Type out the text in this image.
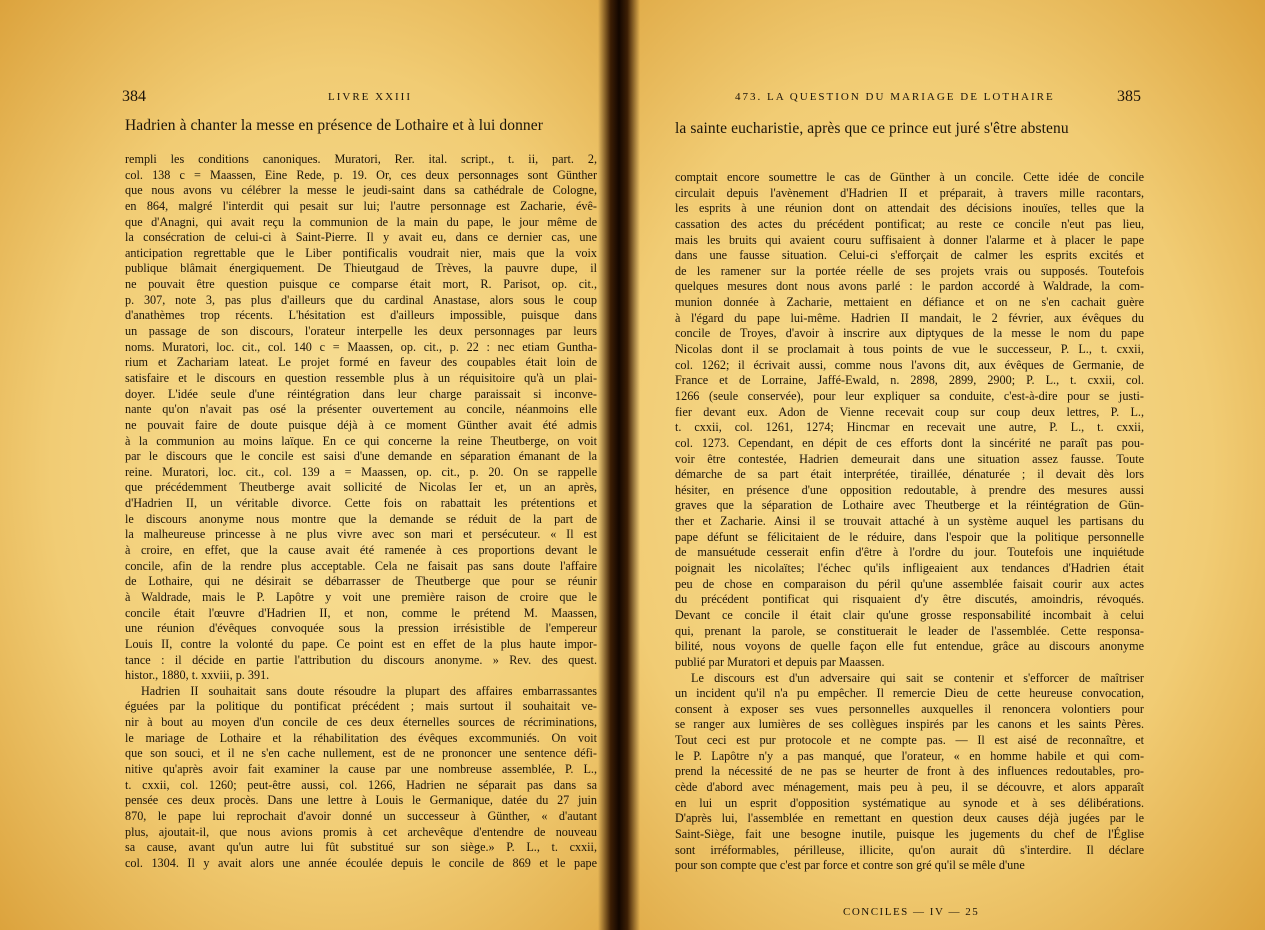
384	LIVRE XXIII
Hadrien à chanter la messe en présence de Lothaire et à lui donner
rempli les conditions canoniques. Muratori, Rer. ital. script., t. ii, part. 2,
col. 138 c = Maassen, Eine Rede, p. 19. Or, ces deux personnages sont Günther
que nous avons vu célébrer la messe le jeudi-saint dans sa cathédrale de Cologne,
en 864, malgré l'interdit qui pesait sur lui; l'autre personnage est Zacharie, évê-
que d'Anagni, qui avait reçu la communion de la main du pape, le jour même de
la consécration de celui-ci à Saint-Pierre. Il y avait eu, dans ce dernier cas, une
anticipation regrettable que le Liber pontificalis voudrait nier, mais que la voix
publique blâmait énergiquement. De Thieutgaud de Trèves, la pauvre dupe, il
ne pouvait être question puisque ce comparse était mort, R. Parisot, op. cit.,
p. 307, note 3, pas plus d'ailleurs que du cardinal Anastase, alors sous le coup
d'anathèmes trop récents. L'hésitation est d'ailleurs impossible, puisque dans
un passage de son discours, l'orateur interpelle les deux personnages par leurs
noms. Muratori, loc. cit., col. 140 c = Maassen, op. cit., p. 22 : nec etiam Guntha-
rium et Zachariam lateat. Le projet formé en faveur des coupables était loin de
satisfaire et le discours en question ressemble plus à un réquisitoire qu'à un plai-
doyer. L'idée seule d'une réintégration dans leur charge paraissait si inconve-
nante qu'on n'avait pas osé la présenter ouvertement au concile, néanmoins elle
ne pouvait faire de doute puisque déjà à ce moment Günther avait été admis
à la communion au moins laïque. En ce qui concerne la reine Theutberge, on voit
par le discours que le concile est saisi d'une demande en séparation émanant de la
reine. Muratori, loc. cit., col. 139 a = Maassen, op. cit., p. 20. On se rappelle
que précédemment Theutberge avait sollicité de Nicolas Ier et, un an après,
d'Hadrien II, un véritable divorce. Cette fois on rabattait les prétentions et
le discours anonyme nous montre que la demande se réduit de la part de
la malheureuse princesse à ne plus vivre avec son mari et persécuteur. « Il est
à croire, en effet, que la cause avait été ramenée à ces proportions devant le
concile, afin de la rendre plus acceptable. Cela ne faisait pas sans doute l'affaire
de Lothaire, qui ne désirait se débarrasser de Theutberge que pour se réunir
à Waldrade, mais le P. Lapôtre y voit une première raison de croire que le
concile était l'œuvre d'Hadrien II, et non, comme le prétend M. Maassen,
une réunion d'évêques convoquée sous la pression irrésistible de l'empereur
Louis II, contre la volonté du pape. Ce point est en effet de la plus haute impor-
tance : il décide en partie l'attribution du discours anonyme. » Rev. des quest.
histor., 1880, t. xxviii, p. 391.
Hadrien II souhaitait sans doute résoudre la plupart des affaires embarrassantes
éguées par la politique du pontificat précédent ; mais surtout il souhaitait ve-
nir à bout au moyen d'un concile de ces deux éternelles sources de récriminations,
le mariage de Lothaire et la réhabilitation des évêques excommuniés. On voit
que son souci, et il ne s'en cache nullement, est de ne prononcer une sentence défi-
nitive qu'après avoir fait examiner la cause par une nombreuse assemblée, P. L.,
t. cxxii, col. 1260; peut-être aussi, col. 1266, Hadrien ne séparait pas dans sa
pensée ces deux procès. Dans une lettre à Louis le Germanique, datée du 27 juin
870, le pape lui reprochait d'avoir donné un successeur à Günther, « d'autant
plus, ajoutait-il, que nous avions promis à cet archevêque d'entendre de nouveau
sa cause, avant qu'un autre lui fût substitué sur son siège.» P. L., t. cxxii,
col. 1304. Il y avait alors une année écoulée depuis le concile de 869 et le pape
473. LA QUESTION DU MARIAGE DE LOTHAIRE	385
la sainte eucharistie, après que ce prince eut juré s'être abstenu
comptait encore soumettre le cas de Günther à un concile. Cette idée de concile
circulait depuis l'avènement d'Hadrien II et préparait, à travers mille racontars,
les esprits à une réunion dont on attendait des décisions inouïes, telles que la
cassation des actes du précédent pontificat; au reste ce concile n'eut pas lieu,
mais les bruits qui avaient couru suffisaient à donner l'alarme et à placer le pape
dans une fausse situation. Celui-ci s'efforçait de calmer les esprits excités et
de les ramener sur la portée réelle de ses projets vrais ou supposés. Toutefois
quelques mesures dont nous avons parlé : le pardon accordé à Waldrade, la com-
munion donnée à Zacharie, mettaient en défiance et on ne s'en cachait guère
à l'égard du pape lui-même. Hadrien II mandait, le 2 février, aux évêques du
concile de Troyes, d'avoir à inscrire aux diptyques de la messe le nom du pape
Nicolas dont il se proclamait à tous points de vue le successeur, P. L., t. cxxii,
col. 1262; il écrivait aussi, comme nous l'avons dit, aux évêques de Germanie, de
France et de Lorraine, Jaffé-Ewald, n. 2898, 2899, 2900; P. L., t. cxxii, col.
1266 (seule conservée), pour leur expliquer sa conduite, c'est-à-dire pour se justi-
fier devant eux. Adon de Vienne recevait coup sur coup deux lettres, P. L.,
t. cxxii, col. 1261, 1274; Hincmar en recevait une autre, P. L., t. cxxii,
col. 1273. Cependant, en dépit de ces efforts dont la sincérité ne paraît pas pou-
voir être contestée, Hadrien demeurait dans une situation assez fausse. Toute
démarche de sa part était interprétée, tiraillée, dénaturée ; il devait dès lors
hésiter, en présence d'une opposition redoutable, à prendre des mesures aussi
graves que la séparation de Lothaire avec Theutberge et la réintégration de Gün-
ther et Zacharie. Ainsi il se trouvait attaché à un système auquel les partisans du
pape défunt se félicitaient de le réduire, dans l'espoir que la politique personnelle
de mansuétude cesserait enfin d'être à l'ordre du jour. Toutefois une inquiétude
poignait les nicolaïtes; l'échec qu'ils infligeaient aux tendances d'Hadrien était
peu de chose en comparaison du péril qu'une assemblée faisait courir aux actes
du précédent pontificat qui risquaient d'y être discutés, amoindris, révoqués.
Devant ce concile il était clair qu'une grosse responsabilité incombait à celui
qui, prenant la parole, se constituerait le leader de l'assemblée. Cette responsa-
bilité, nous voyons de quelle façon elle fut entendue, grâce au discours anonyme
publié par Muratori et depuis par Maassen.
Le discours est d'un adversaire qui sait se contenir et s'efforcer de maîtriser
un incident qu'il n'a pu empêcher. Il remercie Dieu de cette heureuse convocation,
consent à exposer ses vues personnelles auxquelles il renoncera volontiers pour
se ranger aux lumières de ses collègues inspirés par les canons et les saints Pères.
Tout ceci est pur protocole et ne compte pas. — Il est aisé de reconnaître, et
le P. Lapôtre n'y a pas manqué, que l'orateur, « en homme habile et qui com-
prend la nécessité de ne pas se heurter de front à des influences redoutables, pro-
cède d'abord avec ménagement, mais peu à peu, il se découvre, et alors apparaît
en lui un esprit d'opposition systématique au synode et à ses délibérations.
D'après lui, l'assemblée en remettant en question deux causes déjà jugées par le
Saint-Siège, fait une besogne inutile, puisque les jugements du chef de l'Église
sont irréformables, périlleuse, illicite, qu'on aurait dû s'interdire. Il déclare
pour son compte que c'est par force et contre son gré qu'il se mêle d'une
CONCILES — IV — 25
